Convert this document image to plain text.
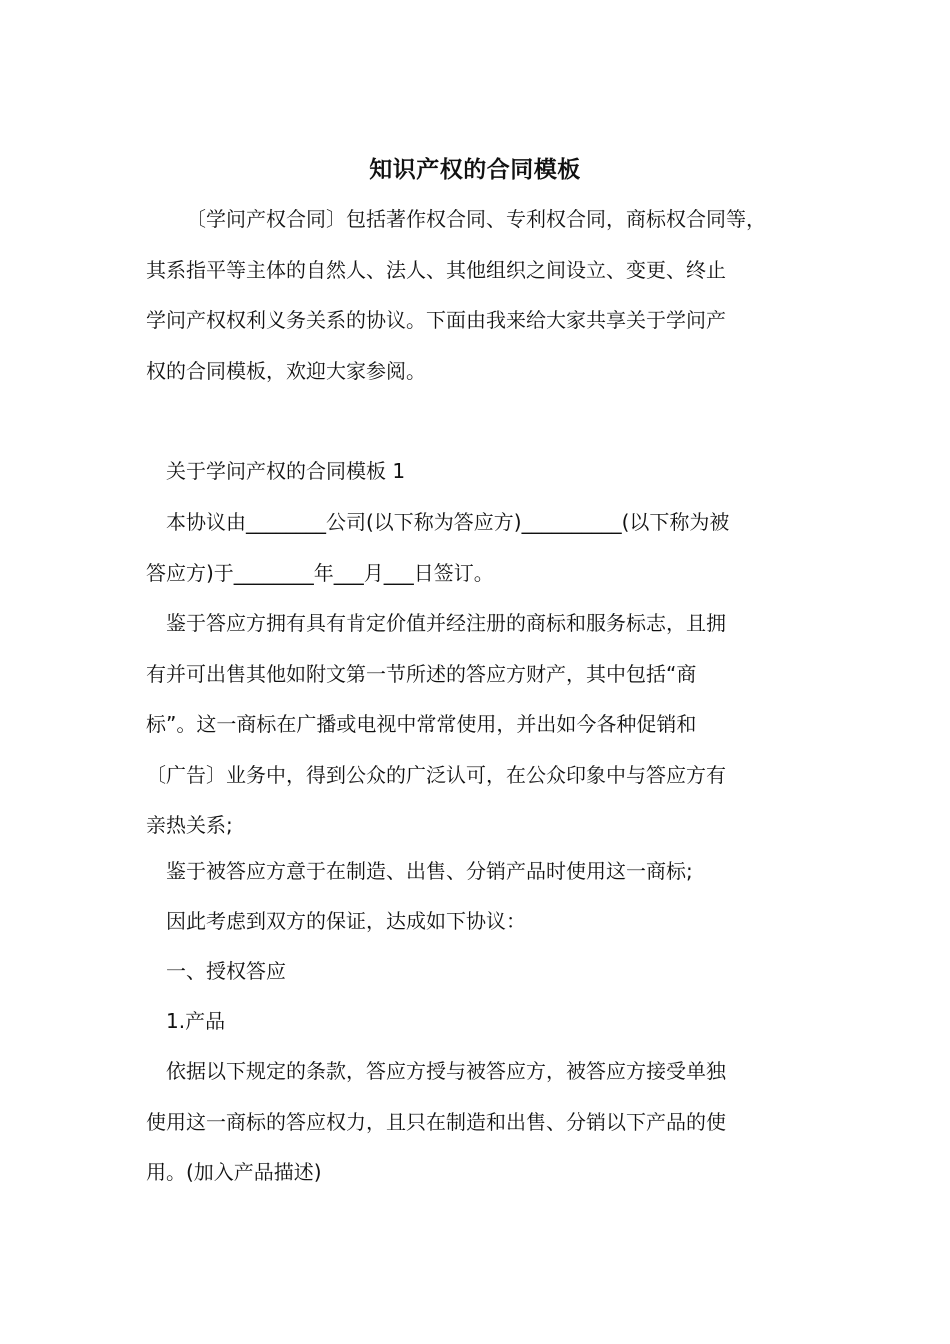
知识产权的合同模板
〔学问产权合同〕包括著作权合同、专利权合同，商标权合同等，
其系指平等主体的自然人、法人、其他组织之间设立、变更、终止
学问产权权利义务关系的协议。下面由我来给大家共享关于学问产
权的合同模板，欢迎大家参阅。
关于学问产权的合同模板 1
本协议由________公司(以下称为答应方)__________(以下称为被
答应方)于________年___月___日签订。
鉴于答应方拥有具有肯定价值并经注册的商标和服务标志，且拥
有并可出售其他如附文第一节所述的答应方财产，其中包括“商
标”。这一商标在广播或电视中常常使用，并出如今各种促销和
〔广告〕业务中，得到公众的广泛认可，在公众印象中与答应方有
亲热关系;
鉴于被答应方意于在制造、出售、分销产品时使用这一商标;
因此考虑到双方的保证，达成如下协议：
一、授权答应
1.产品
依据以下规定的条款，答应方授与被答应方，被答应方接受单独
使用这一商标的答应权力，且只在制造和出售、分销以下产品的使
用。(加入产品描述)
